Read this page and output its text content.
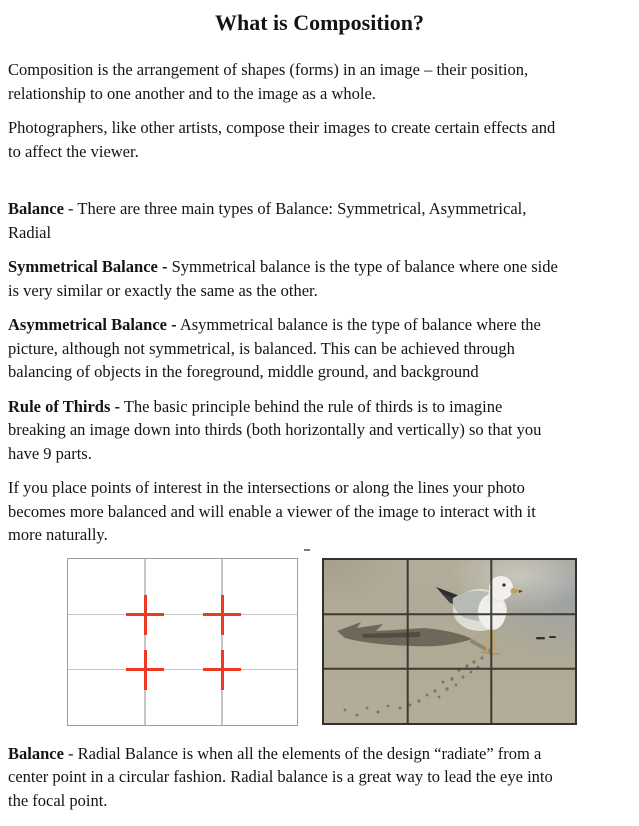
What is Composition?
Composition is the arrangement of shapes (forms) in an image – their position,
relationship to one another and to the image as a whole.
Photographers, like other artists, compose their images to create certain effects and
to affect the viewer.
Balance - There are three main types of Balance: Symmetrical, Asymmetrical,
Radial
Symmetrical Balance - Symmetrical balance is the type of balance where one side
is very similar or exactly the same as the other.
Asymmetrical Balance - Asymmetrical balance is the type of balance where the
picture, although not symmetrical, is balanced. This can be achieved through
balancing of objects in the foreground, middle ground, and background
Rule of Thirds - The basic principle behind the rule of thirds is to imagine
breaking an image down into thirds (both horizontally and vertically) so that you
have 9 parts.
If you place points of interest in the intersections or along the lines your photo
becomes more balanced and will enable a viewer of the image to interact with it
more naturally.
Balance - Radial Balance is when all the elements of the design “radiate” from a
center point in a circular fashion. Radial balance is a great way to lead the eye into
the focal point.
